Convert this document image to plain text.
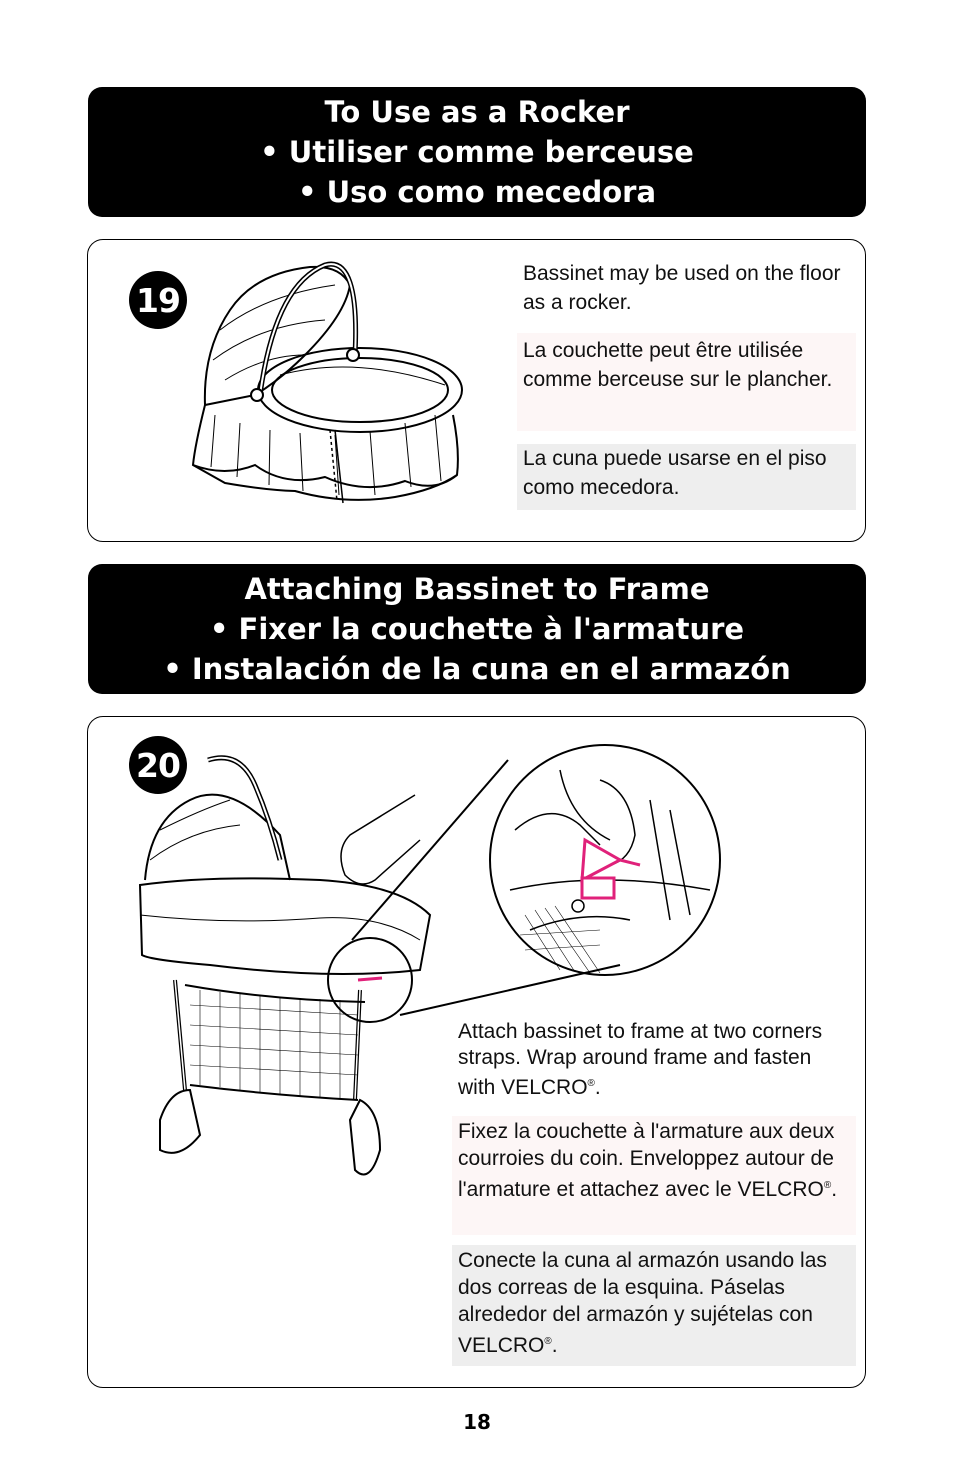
To Use as a Rocker
• Utiliser comme berceuse
• Uso como mecedora
19
Bassinet may be used on the floor as a rocker.
La couchette peut être utilisée comme berceuse sur le plancher.
La cuna puede usarse en el piso como mecedora.
Attaching Bassinet to Frame
• Fixer la couchette à l'armature
• Instalación de la cuna en el armazón
20
Attach bassinet to frame at two corners straps. Wrap around frame and fasten with VELCRO®.
Fixez la couchette à l'armature aux deux courroies du coin. Enveloppez autour de l'armature et attachez avec le VELCRO®.
Conecte la cuna al armazón usando las dos correas de la esquina. Páselas alrededor del armazón y sujételas con VELCRO®.
18
